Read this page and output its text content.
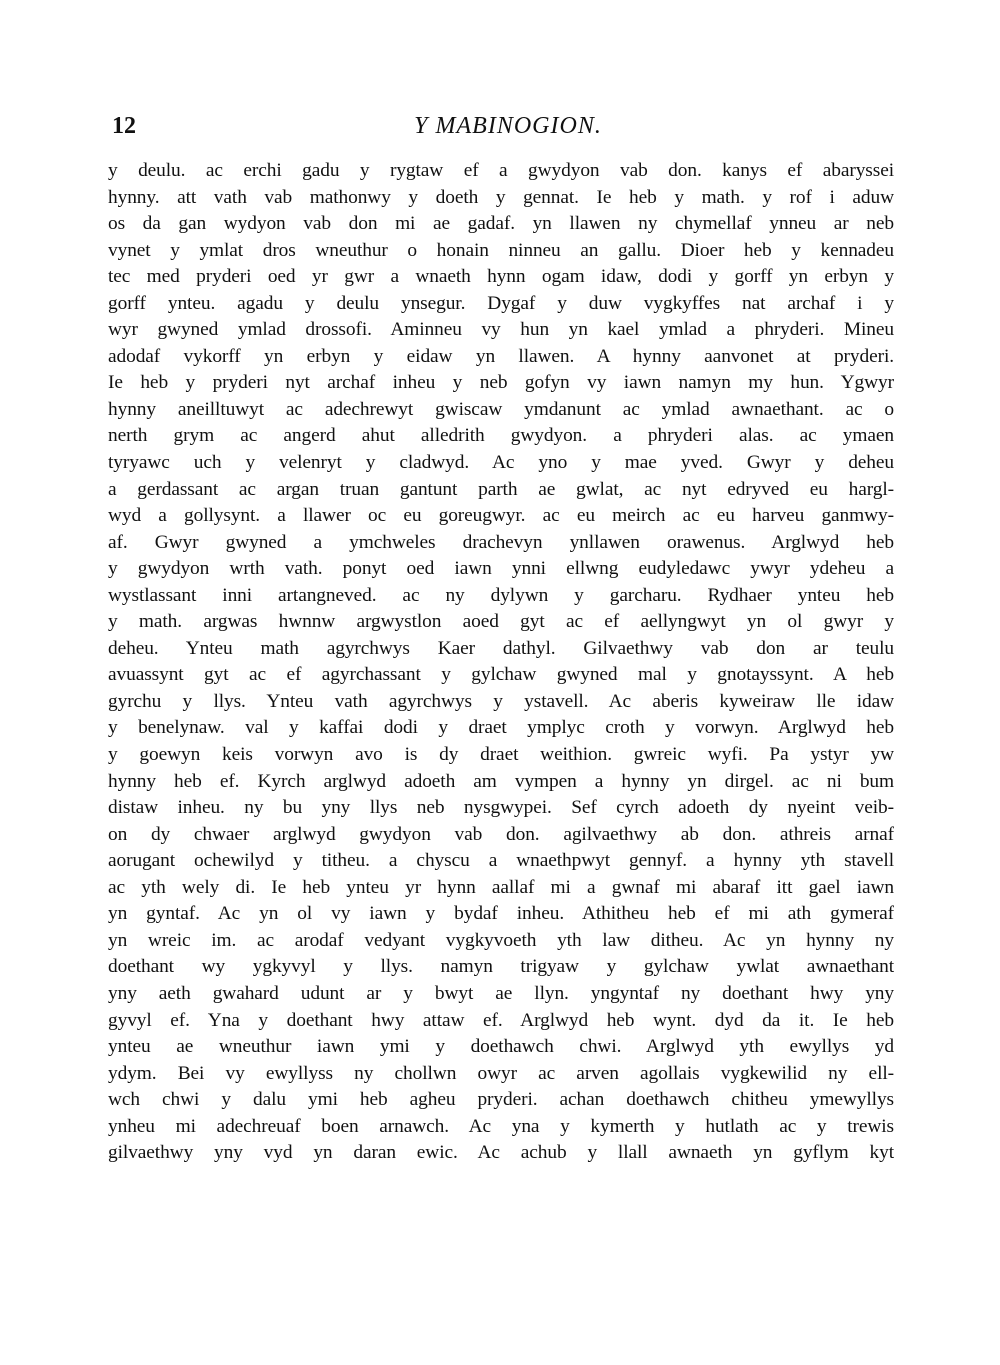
12	Y MABINOGION.
y deulu. ac erchi gadu y rygtaw ef a gwydyon vab don. kanys ef abaryssei
hynny. att vath vab mathonwy y doeth y gennat. Ie heb y math. y rof i aduw
os da gan wydyon vab don mi ae gadaf. yn llawen ny chymellaf ynneu ar neb
vynet y ymlat dros wneuthur o honain ninneu an gallu. Dioer heb y kennadeu
tec med pryderi oed yr gwr a wnaeth hynn ogam idaw, dodi y gorff yn erbyn y
gorff ynteu. agadu y deulu ynsegur. Dygaf y duw vygkyffes nat archaf i y
wyr gwyned ymlad drossofi. Aminneu vy hun yn kael ymlad a phryderi. Mineu
adodaf vykorff yn erbyn y eidaw yn llawen. A hynny aanvonet at pryderi.
Ie heb y pryderi nyt archaf inheu y neb gofyn vy iawn namyn my hun. Ygwyr
hynny aneilltuwyt ac adechrewyt gwiscaw ymdanunt ac ymlad awnaethant. ac o
nerth grym ac angerd ahut alledrith gwydyon. a phryderi alas. ac ymaen
tyryawc uch y velenryt y cladwyd. Ac yno y mae yved. Gwyr y deheu
a gerdassant ac argan truan gantunt parth ae gwlat, ac nyt edryved eu hargl-
wyd a gollysynt. a llawer oc eu goreugwyr. ac eu meirch ac eu harveu ganmwy-
af. Gwyr gwyned a ymchweles drachevyn ynllawen orawenus. Arglwyd heb
y gwydyon wrth vath. ponyt oed iawn ynni ellwng eudyledawc ywyr ydeheu a
wystlassant inni artangneved. ac ny dylywn y garcharu. Rydhaer ynteu heb
y math. argwas hwnnw argwystlon aoed gyt ac ef aellyngwyt yn ol gwyr y
deheu. Ynteu math agyrchwys Kaer dathyl. Gilvaethwy vab don ar teulu
avuassynt gyt ac ef agyrchassant y gylchaw gwyned mal y gnotayssynt. A heb
gyrchu y llys. Ynteu vath agyrchwys y ystavell. Ac aberis kyweiraw lle idaw
y benelynaw. val y kaffai dodi y draet ymplyc croth y vorwyn. Arglwyd heb
y goewyn keis vorwyn avo is dy draet weithion. gwreic wyfi. Pa ystyr yw
hynny heb ef. Kyrch arglwyd adoeth am vympen a hynny yn dirgel. ac ni bum
distaw inheu. ny bu yny llys neb nysgwypei. Sef cyrch adoeth dy nyeint veib-
on dy chwaer arglwyd gwydyon vab don. agilvaethwy ab don. athreis arnaf
aorugant ochewilyd y titheu. a chyscu a wnaethpwyt gennyf. a hynny yth stavell
ac yth wely di. Ie heb ynteu yr hynn aallaf mi a gwnaf mi abaraf itt gael iawn
yn gyntaf. Ac yn ol vy iawn y bydaf inheu. Athitheu heb ef mi ath gymeraf
yn wreic im. ac arodaf vedyant vygkyvoeth yth law ditheu. Ac yn hynny ny
doethant wy ygkyvyl y llys. namyn trigyaw y gylchaw ywlat awnaethant
yny aeth gwahard udunt ar y bwyt ae llyn. yngyntaf ny doethant hwy yny
gyvyl ef. Yna y doethant hwy attaw ef. Arglwyd heb wynt. dyd da it. Ie heb
ynteu ae wneuthur iawn ymi y doethawch chwi. Arglwyd yth ewyllys yd
ydym. Bei vy ewyllyss ny chollwn owyr ac arven agollais vygkewilid ny ell-
wch chwi y dalu ymi heb agheu pryderi. achan doethawch chitheu ymewyllys
ynheu mi adechreuaf boen arnawch. Ac yna y kymerth y hutlath ac y trewis
gilvaethwy yny vyd yn daran ewic. Ac achub y llall awnaeth yn gyflym kyt
